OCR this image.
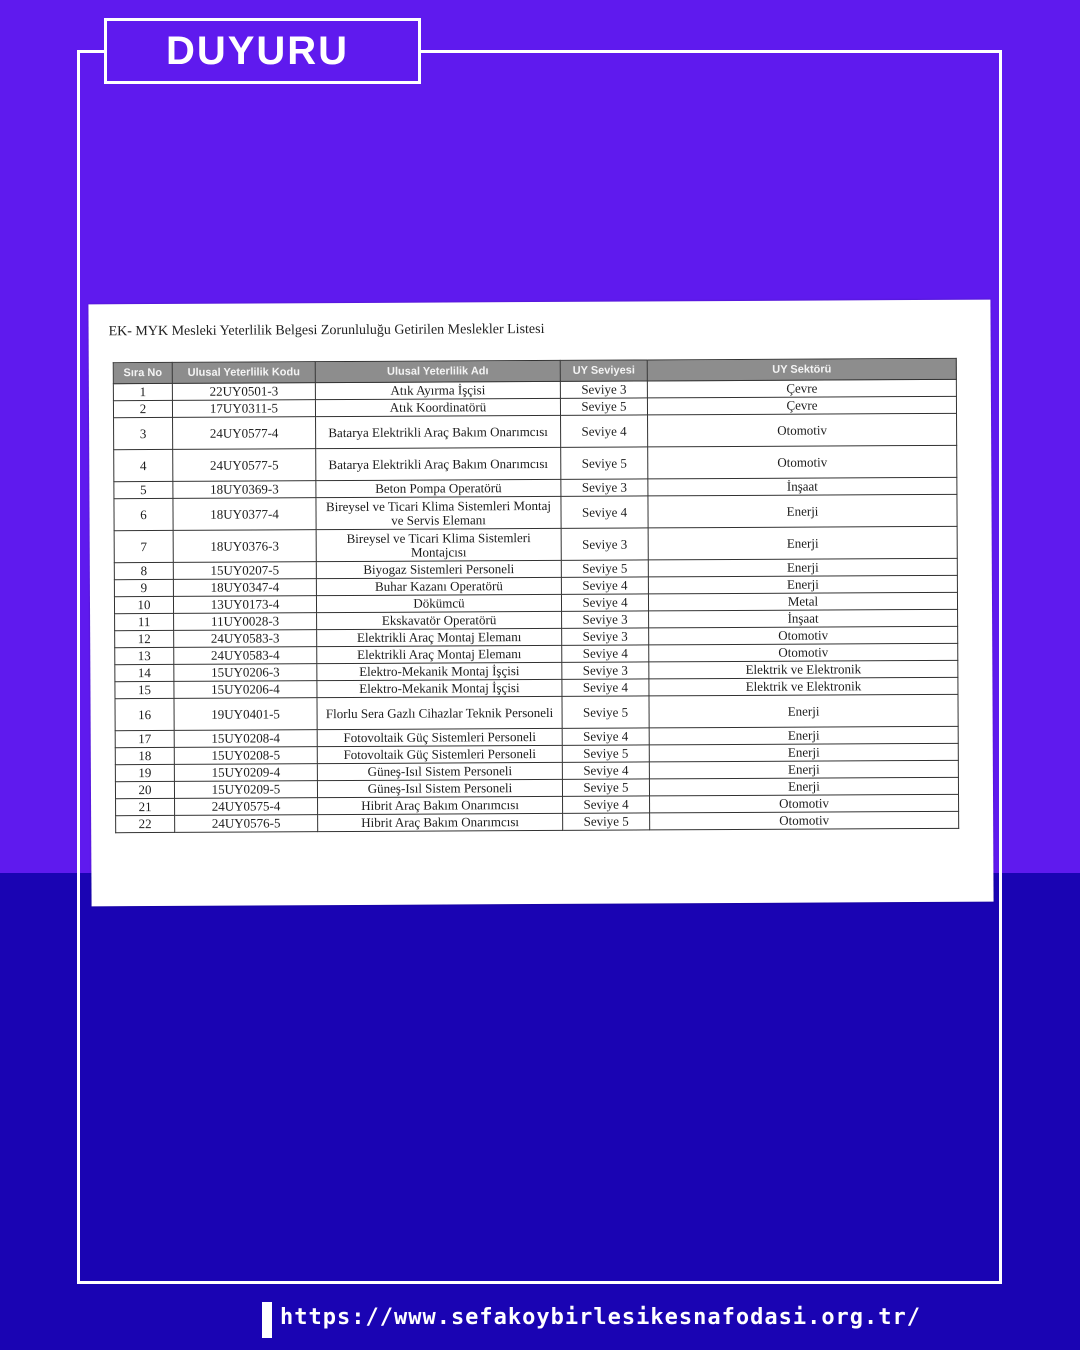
DUYURU
EK- MYK Mesleki Yeterlilik Belgesi Zorunluluğu Getirilen Meslekler Listesi
Sıra No	Ulusal Yeterlilik Kodu	Ulusal Yeterlilik Adı	UY Seviyesi	UY Sektörü
1	22UY0501-3	Atık Ayırma İşçisi	Seviye 3	Çevre
2	17UY0311-5	Atık Koordinatörü	Seviye 5	Çevre
3	24UY0577-4	Batarya Elektrikli Araç Bakım Onarımcısı	Seviye 4	Otomotiv
4	24UY0577-5	Batarya Elektrikli Araç Bakım Onarımcısı	Seviye 5	Otomotiv
5	18UY0369-3	Beton Pompa Operatörü	Seviye 3	İnşaat
6	18UY0377-4	Bireysel ve Ticari Klima Sistemleri Montaj ve Servis Elemanı	Seviye 4	Enerji
7	18UY0376-3	Bireysel ve Ticari Klima Sistemleri Montajcısı	Seviye 3	Enerji
8	15UY0207-5	Biyogaz Sistemleri Personeli	Seviye 5	Enerji
9	18UY0347-4	Buhar Kazanı Operatörü	Seviye 4	Enerji
10	13UY0173-4	Dökümcü	Seviye 4	Metal
11	11UY0028-3	Ekskavatör Operatörü	Seviye 3	İnşaat
12	24UY0583-3	Elektrikli Araç Montaj Elemanı	Seviye 3	Otomotiv
13	24UY0583-4	Elektrikli Araç Montaj Elemanı	Seviye 4	Otomotiv
14	15UY0206-3	Elektro-Mekanik Montaj İşçisi	Seviye 3	Elektrik ve Elektronik
15	15UY0206-4	Elektro-Mekanik Montaj İşçisi	Seviye 4	Elektrik ve Elektronik
16	19UY0401-5	Florlu Sera Gazlı Cihazlar Teknik Personeli	Seviye 5	Enerji
17	15UY0208-4	Fotovoltaik Güç Sistemleri Personeli	Seviye 4	Enerji
18	15UY0208-5	Fotovoltaik Güç Sistemleri Personeli	Seviye 5	Enerji
19	15UY0209-4	Güneş-Isıl Sistem Personeli	Seviye 4	Enerji
20	15UY0209-5	Güneş-Isıl Sistem Personeli	Seviye 5	Enerji
21	24UY0575-4	Hibrit Araç Bakım Onarımcısı	Seviye 4	Otomotiv
22	24UY0576-5	Hibrit Araç Bakım Onarımcısı	Seviye 5	Otomotiv
https://www.sefakoybirlesikesnafodasi.org.tr/
